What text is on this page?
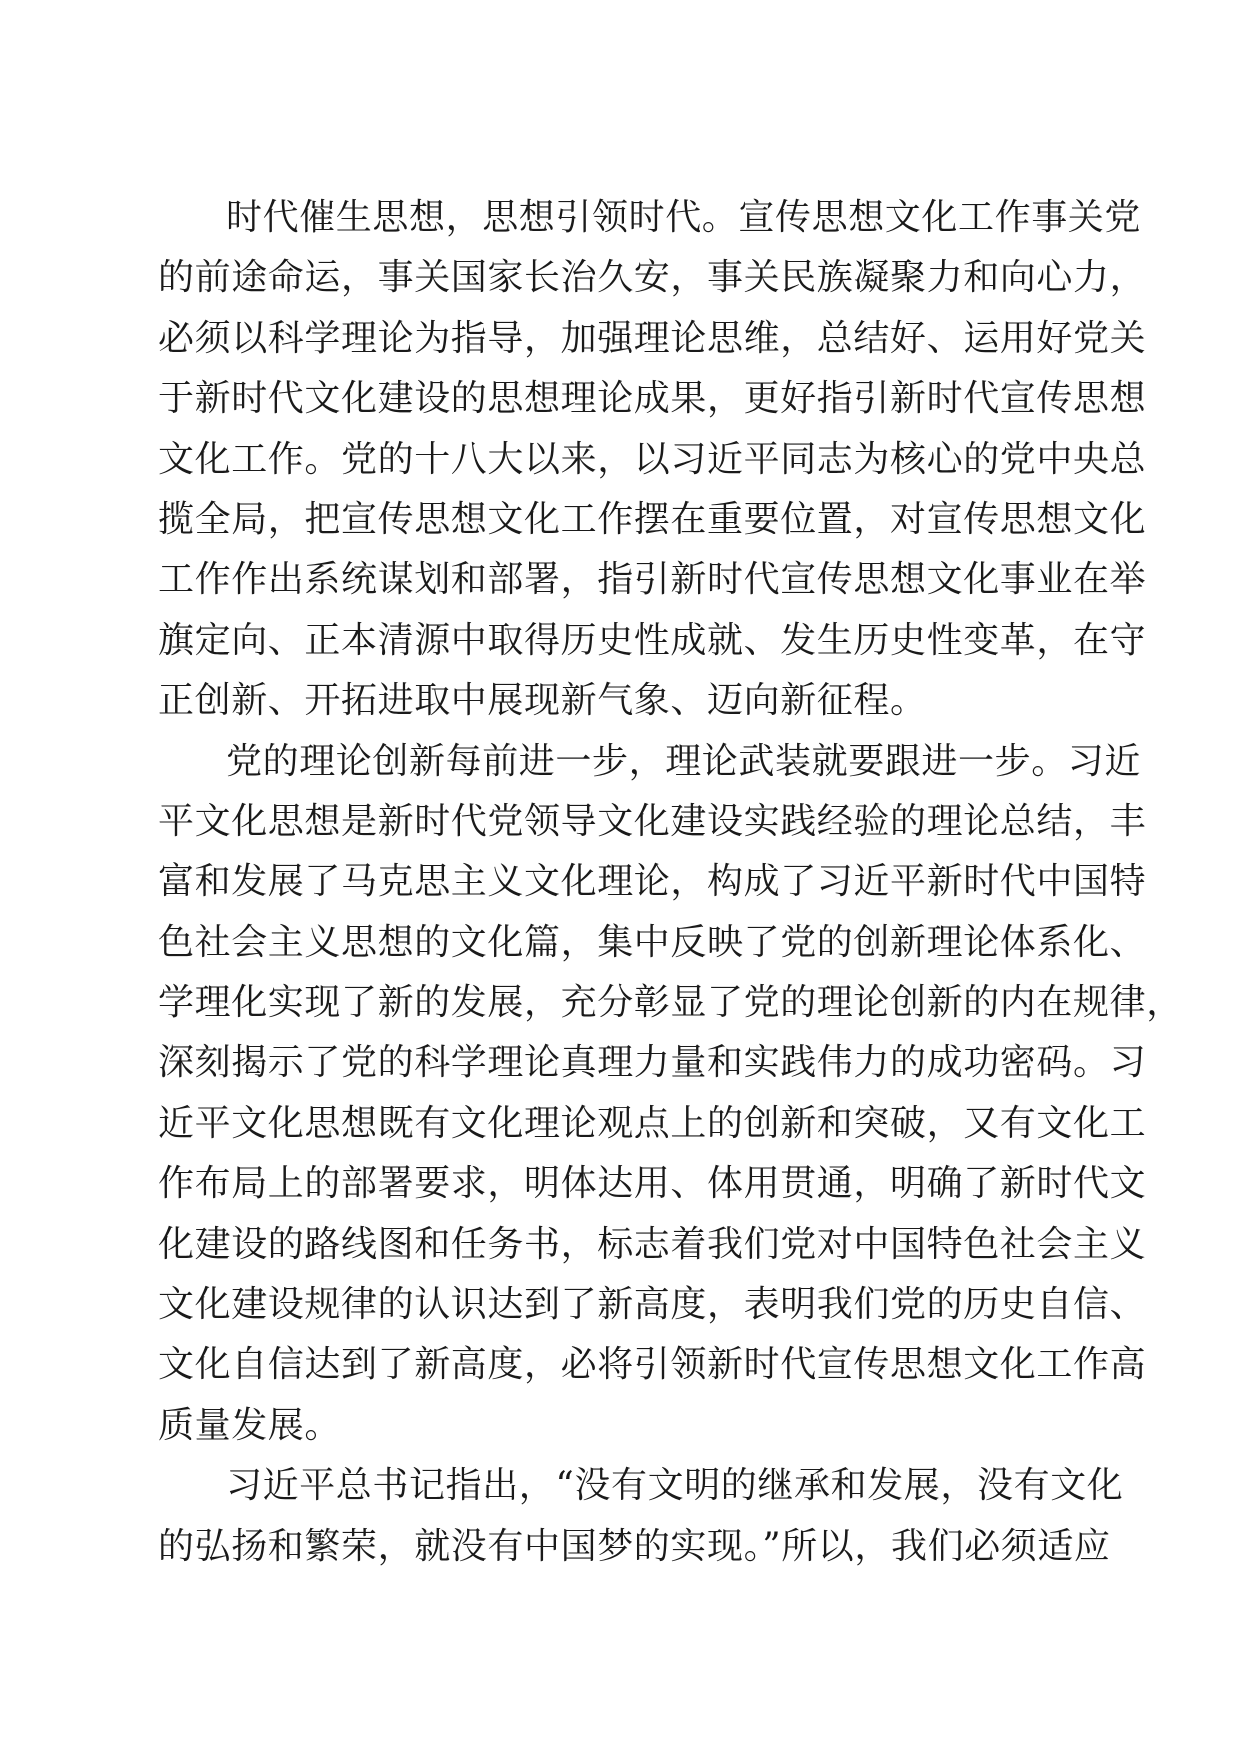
时代催生思想，思想引领时代。宣传思想文化工作事关党
的前途命运，事关国家长治久安，事关民族凝聚力和向心力，
必须以科学理论为指导，加强理论思维，总结好、运用好党关
于新时代文化建设的思想理论成果，更好指引新时代宣传思想
文化工作。党的十八大以来，以习近平同志为核心的党中央总
揽全局，把宣传思想文化工作摆在重要位置，对宣传思想文化
工作作出系统谋划和部署，指引新时代宣传思想文化事业在举
旗定向、正本清源中取得历史性成就、发生历史性变革，在守
正创新、开拓进取中展现新气象、迈向新征程。
党的理论创新每前进一步，理论武装就要跟进一步。习近
平文化思想是新时代党领导文化建设实践经验的理论总结，丰
富和发展了马克思主义文化理论，构成了习近平新时代中国特
色社会主义思想的文化篇，集中反映了党的创新理论体系化、
学理化实现了新的发展，充分彰显了党的理论创新的内在规律，
深刻揭示了党的科学理论真理力量和实践伟力的成功密码。习
近平文化思想既有文化理论观点上的创新和突破，又有文化工
作布局上的部署要求，明体达用、体用贯通，明确了新时代文
化建设的路线图和任务书，标志着我们党对中国特色社会主义
文化建设规律的认识达到了新高度，表明我们党的历史自信、
文化自信达到了新高度，必将引领新时代宣传思想文化工作高
质量发展。
习近平总书记指出，“没有文明的继承和发展，没有文化
的弘扬和繁荣，就没有中国梦的实现。”所以，我们必须适应
